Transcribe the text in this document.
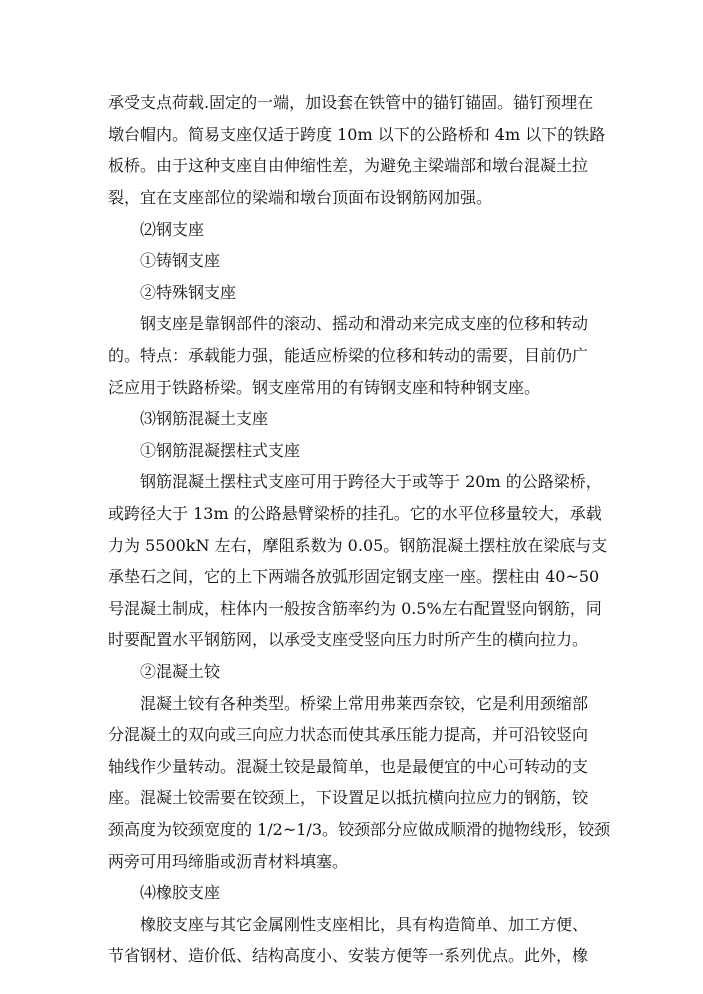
承受支点荷载.固定的一端，加设套在铁管中的锚钉锚固。锚钉预埋在
墩台帽内。简易支座仅适于跨度 10m 以下的公路桥和 4m 以下的铁路
板桥。由于这种支座自由伸缩性差，为避免主梁端部和墩台混凝土拉
裂，宜在支座部位的梁端和墩台顶面布设钢筋网加强。
⑵钢支座
①铸钢支座
②特殊钢支座
钢支座是靠钢部件的滚动、摇动和滑动来完成支座的位移和转动
的。特点：承载能力强，能适应桥梁的位移和转动的需要，目前仍广
泛应用于铁路桥梁。钢支座常用的有铸钢支座和特种钢支座。
⑶钢筋混凝土支座
①钢筋混凝摆柱式支座
钢筋混凝土摆柱式支座可用于跨径大于或等于 20m 的公路梁桥，
或跨径大于 13m 的公路悬臂梁桥的挂孔。它的水平位移量较大，承载
力为 5500kN 左右，摩阻系数为 0.05。钢筋混凝土摆柱放在梁底与支
承垫石之间，它的上下两端各放弧形固定钢支座一座。摆柱由 40~50
号混凝土制成，柱体内一般按含筋率约为 0.5%左右配置竖向钢筋，同
时要配置水平钢筋网，以承受支座受竖向压力时所产生的横向拉力。
②混凝土铰
混凝土铰有各种类型。桥梁上常用弗莱西奈铰，它是利用颈缩部
分混凝土的双向或三向应力状态而使其承压能力提高，并可沿铰竖向
轴线作少量转动。混凝土铰是最简单，也是最便宜的中心可转动的支
座。混凝土铰需要在铰颈上，下设置足以抵抗横向拉应力的钢筋，铰
颈高度为铰颈宽度的 1/2~1/3。铰颈部分应做成顺滑的抛物线形，铰颈
两旁可用玛缔脂或沥青材料填塞。
⑷橡胶支座
橡胶支座与其它金属刚性支座相比，具有构造简单、加工方便、
节省钢材、造价低、结构高度小、安装方便等一系列优点。此外，橡
